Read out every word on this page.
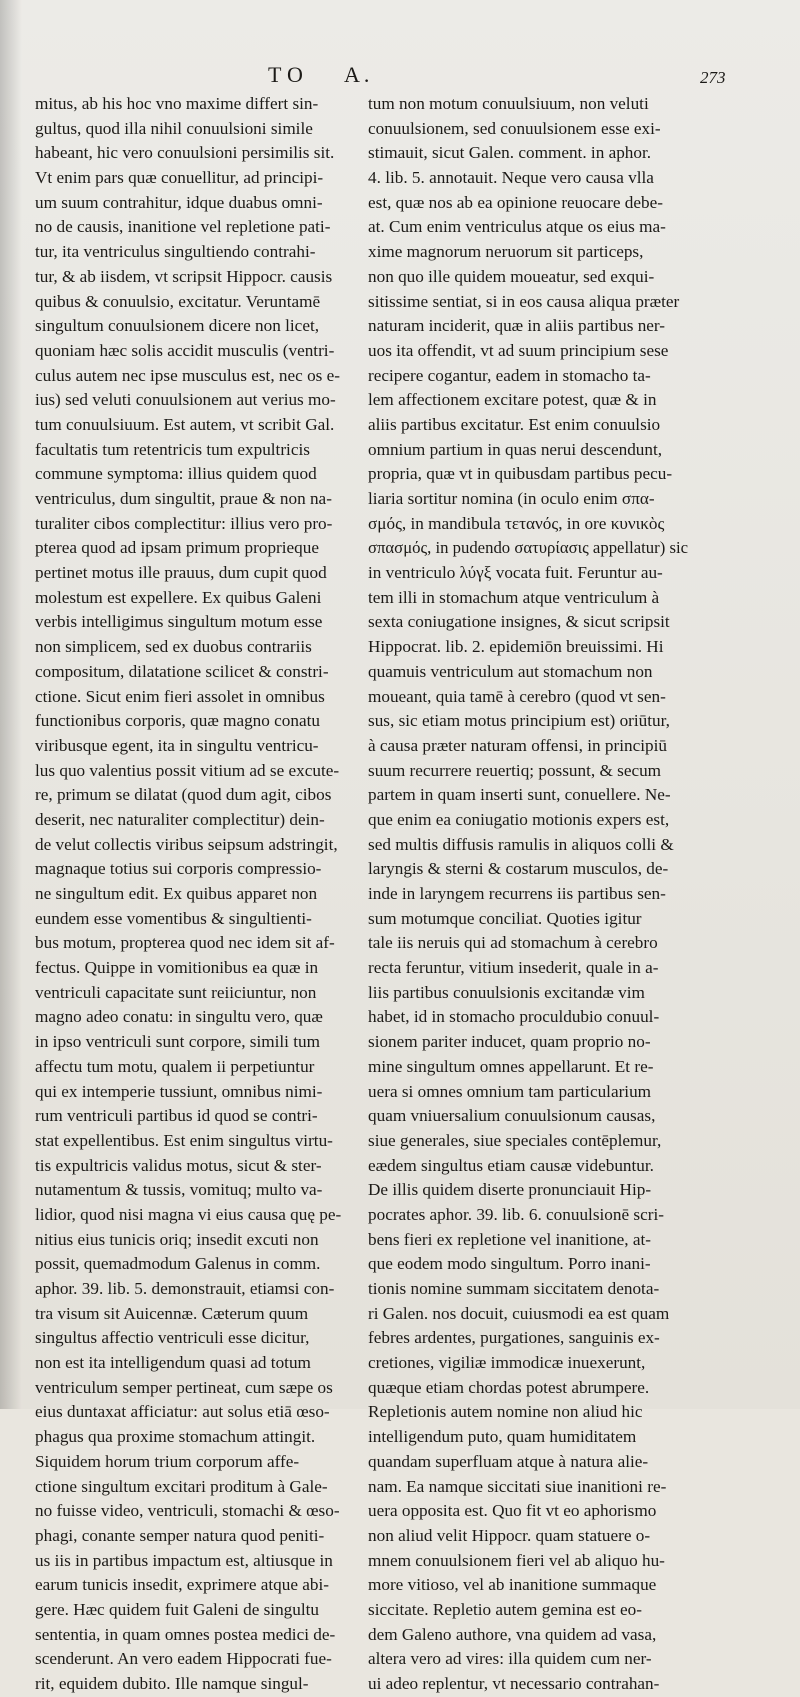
TO A.	273
mitus, ab his hoc vno maxime differt sin-
gultus, quod illa nihil conuulsioni simile
habeant, hic vero conuulsioni persimilis sit.
Vt enim pars quæ conuellitur, ad principi-
um suum contrahitur, idque duabus omni-
no de causis, inanitione vel repletione pati-
tur, ita ventriculus singultiendo contrahi-
tur, & ab iisdem, vt scripsit Hippocr. causis
quibus & conuulsio, excitatur. Veruntamē
singultum conuulsionem dicere non licet,
quoniam hæc solis accidit musculis (ventri-
culus autem nec ipse musculus est, nec os e-
ius) sed veluti conuulsionem aut verius mo-
tum conuulsiuum. Est autem, vt scribit Gal.
facultatis tum retentricis tum expultricis
commune symptoma: illius quidem quod
ventriculus, dum singultit, praue & non na-
turaliter cibos complectitur: illius vero pro-
pterea quod ad ipsam primum proprieque
pertinet motus ille prauus, dum cupit quod
molestum est expellere. Ex quibus Galeni
verbis intelligimus singultum motum esse
non simplicem, sed ex duobus contrariis
compositum, dilatatione scilicet & constri-
ctione. Sicut enim fieri assolet in omnibus
functionibus corporis, quæ magno conatu
viribusque egent, ita in singultu ventricu-
lus quo valentius possit vitium ad se excute-
re, primum se dilatat (quod dum agit, cibos
deserit, nec naturaliter complectitur) dein-
de velut collectis viribus seipsum adstringit,
magnaque totius sui corporis compressio-
ne singultum edit. Ex quibus apparet non
eundem esse vomentibus & singultienti-
bus motum, propterea quod nec idem sit af-
fectus. Quippe in vomitionibus ea quæ in
ventriculi capacitate sunt reiiciuntur, non
magno adeo conatu: in singultu vero, quæ
in ipso ventriculi sunt corpore, simili tum
affectu tum motu, qualem ii perpetiuntur
qui ex intemperie tussiunt, omnibus nimi-
rum ventriculi partibus id quod se contri-
stat expellentibus. Est enim singultus virtu-
tis expultricis validus motus, sicut & ster-
nutamentum & tussis, vomituq; multo va-
lidior, quod nisi magna vi eius causa quę pe-
nitius eius tunicis oriq; insedit excuti non
possit, quemadmodum Galenus in comm.
aphor. 39. lib. 5. demonstrauit, etiamsi con-
tra visum sit Auicennæ. Cæterum quum
singultus affectio ventriculi esse dicitur,
non est ita intelligendum quasi ad totum
ventriculum semper pertineat, cum sæpe os
eius duntaxat afficiatur: aut solus etiā œso-
phagus qua proxime stomachum attingit.
Siquidem horum trium corporum affe-
ctione singultum excitari proditum à Gale-
no fuisse video, ventriculi, stomachi & œso-
phagi, conante semper natura quod peniti-
us iis in partibus impactum est, altiusque in
earum tunicis insedit, exprimere atque abi-
gere. Hæc quidem fuit Galeni de singultu
sententia, in quam omnes postea medici de-
scenderunt. An vero eadem Hippocrati fue-
rit, equidem dubito. Ille namque singul-
tum non motum conuulsiuum, non veluti
conuulsionem, sed conuulsionem esse exi-
stimauit, sicut Galen. comment. in aphor.
4. lib. 5. annotauit. Neque vero causa vlla
est, quæ nos ab ea opinione reuocare debe-
at. Cum enim ventriculus atque os eius ma-
xime magnorum neruorum sit particeps,
non quo ille quidem moueatur, sed exqui-
sitissime sentiat, si in eos causa aliqua præter
naturam inciderit, quæ in aliis partibus ner-
uos ita offendit, vt ad suum principium sese
recipere cogantur, eadem in stomacho ta-
lem affectionem excitare potest, quæ & in
aliis partibus excitatur. Est enim conuulsio
omnium partium in quas nerui descendunt,
propria, quæ vt in quibusdam partibus pecu-
liaria sortitur nomina (in oculo enim σπα-
σμός, in mandibula τετανός, in ore κυνικὸς
σπασμός, in pudendo σατυρίασις appellatur) sic
in ventriculo λύγξ vocata fuit. Feruntur au-
tem illi in stomachum atque ventriculum à
sexta coniugatione insignes, & sicut scripsit
Hippocrat. lib. 2. epidemiōn breuissimi. Hi
quamuis ventriculum aut stomachum non
moueant, quia tamē à cerebro (quod vt sen-
sus, sic etiam motus principium est) oriūtur,
à causa præter naturam offensi, in principiū
suum recurrere reuertiq; possunt, & secum
partem in quam inserti sunt, conuellere. Ne-
que enim ea coniugatio motionis expers est,
sed multis diffusis ramulis in aliquos colli &
laryngis & sterni & costarum musculos, de-
inde in laryngem recurrens iis partibus sen-
sum motumque conciliat. Quoties igitur
tale iis neruis qui ad stomachum à cerebro
recta feruntur, vitium insederit, quale in a-
liis partibus conuulsionis excitandæ vim
habet, id in stomacho proculdubio conuul-
sionem pariter inducet, quam proprio no-
mine singultum omnes appellarunt. Et re-
uera si omnes omnium tam particularium
quam vniuersalium conuulsionum causas,
siue generales, siue speciales contēplemur,
eædem singultus etiam causæ videbuntur.
De illis quidem diserte pronunciauit Hip-
pocrates aphor. 39. lib. 6. conuulsionē scri-
bens fieri ex repletione vel inanitione, at-
que eodem modo singultum. Porro inani-
tionis nomine summam siccitatem denota-
ri Galen. nos docuit, cuiusmodi ea est quam
febres ardentes, purgationes, sanguinis ex-
cretiones, vigiliæ immodicæ inuexerunt,
quæque etiam chordas potest abrumpere.
Repletionis autem nomine non aliud hic
intelligendum puto, quam humiditatem
quandam superfluam atque à natura alie-
nam. Ea namque siccitati siue inanitioni re-
uera opposita est. Quo fit vt eo aphorismo
non aliud velit Hippocr. quam statuere o-
mnem conuulsionem fieri vel ab aliquo hu-
more vitioso, vel ab inanitione summaque
siccitate. Repletio autem gemina est eo-
dem Galeno authore, vna quidem ad vasa,
altera vero ad vires: illa quidem cum ner-
ui adeo replentur, vt necessario contrahan-
